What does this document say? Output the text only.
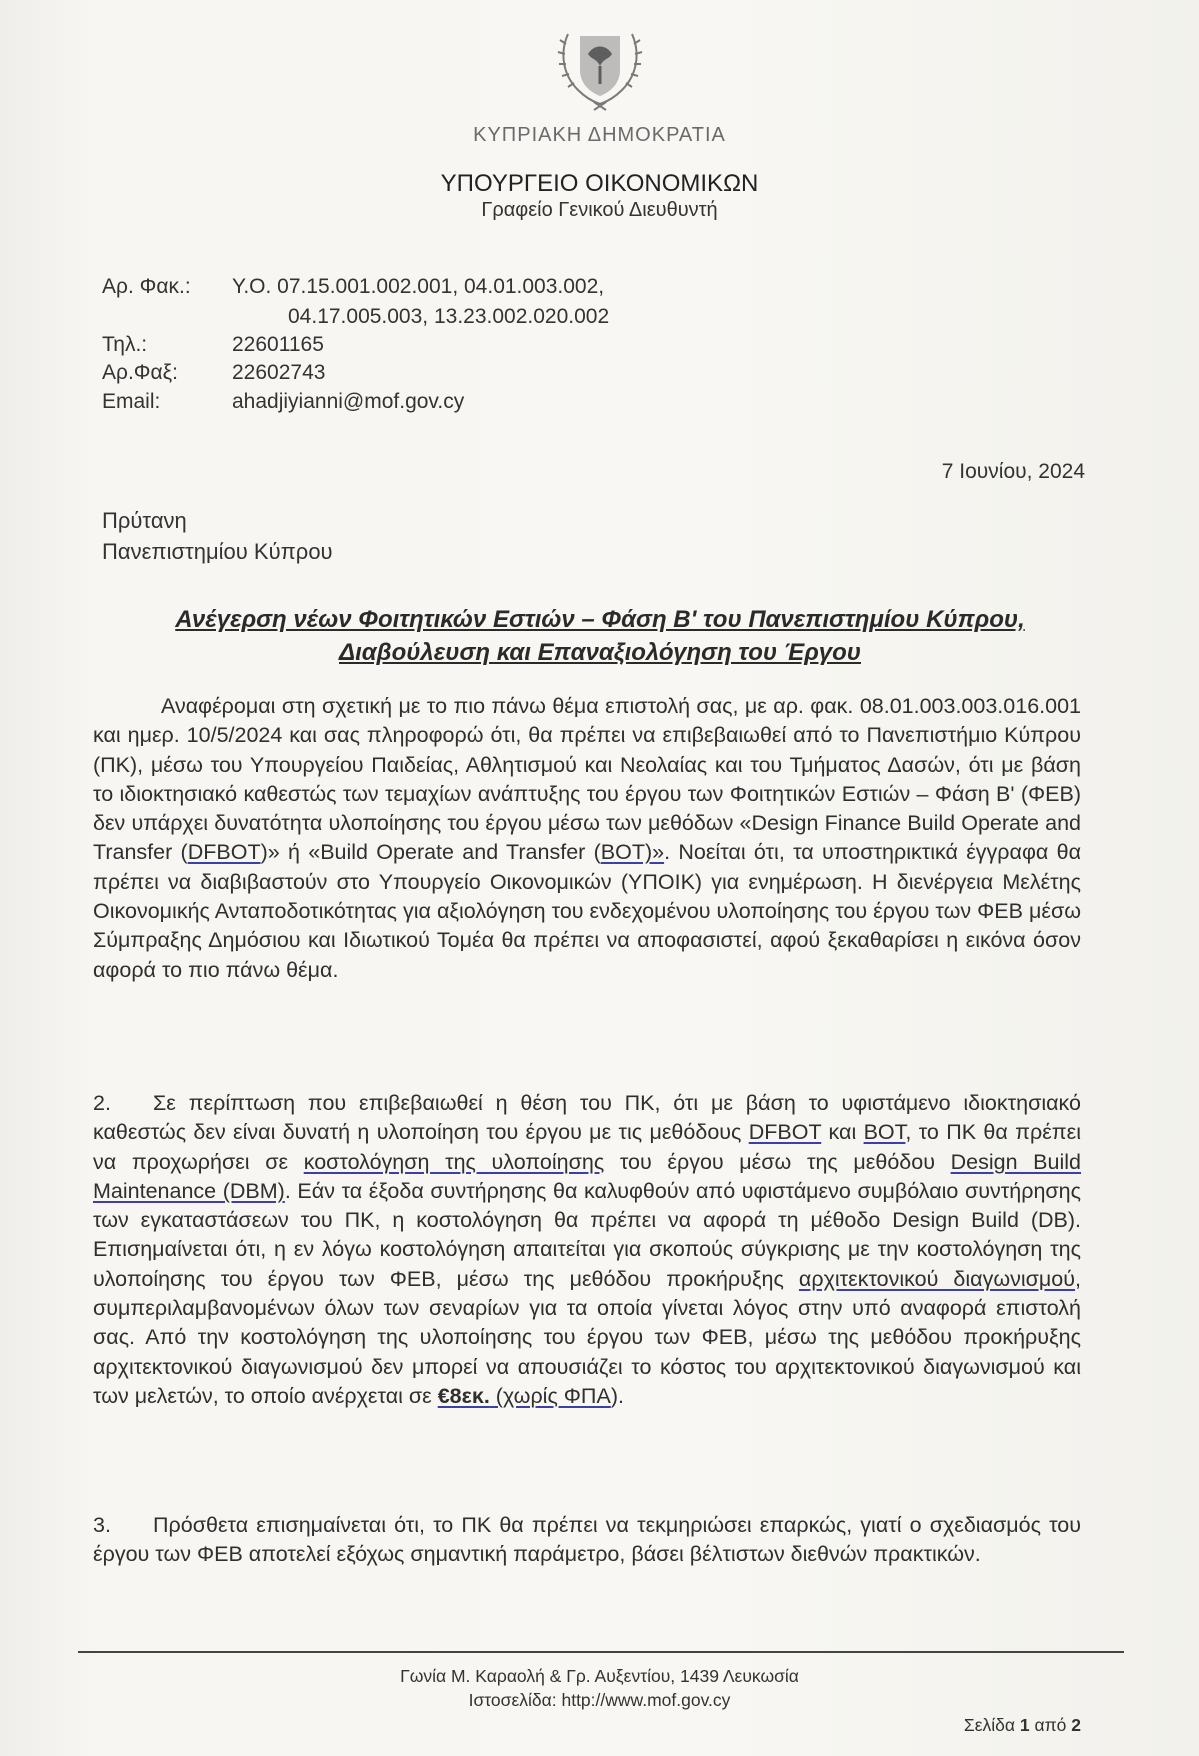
ΚΥΠΡΙΑΚΗ ΔΗΜΟΚΡΑΤΙΑ
ΥΠΟΥΡΓΕΙΟ ΟΙΚΟΝΟΜΙΚΩΝ
Γραφείο Γενικού Διευθυντή
Αρ. Φακ.: Υ.Ο. 07.15.001.002.001, 04.01.003.002,
04.17.005.003, 13.23.002.020.002
Τηλ.:	22601165
Αρ.Φαξ:	22602743
Email:	ahadjiyianni@mof.gov.cy
7 Ιουνίου, 2024
Πρύτανη
Πανεπιστημίου Κύπρου
Ανέγερση νέων Φοιτητικών Εστιών – Φάση Β' του Πανεπιστημίου Κύπρου,
Διαβούλευση και Επαναξιολόγηση του Έργου
Αναφέρομαι στη σχετική με το πιο πάνω θέμα επιστολή σας, με αρ. φακ. 08.01.003.003.016.001 και ημερ. 10/5/2024 και σας πληροφορώ ότι, θα πρέπει να επιβεβαιωθεί από το Πανεπιστήμιο Κύπρου (ΠΚ), μέσω του Υπουργείου Παιδείας, Αθλητισμού και Νεολαίας και του Τμήματος Δασών, ότι με βάση το ιδιοκτησιακό καθεστώς των τεμαχίων ανάπτυξης του έργου των Φοιτητικών Εστιών – Φάση Β' (ΦΕΒ) δεν υπάρχει δυνατότητα υλοποίησης του έργου μέσω των μεθόδων «Design Finance Build Operate and Transfer (DFBOT)» ή «Build Operate and Transfer (BOT)». Νοείται ότι, τα υποστηρικτικά έγγραφα θα πρέπει να διαβιβαστούν στο Υπουργείο Οικονομικών (ΥΠΟΙΚ) για ενημέρωση. Η διενέργεια Μελέτης Οικονομικής Ανταποδοτικότητας για αξιολόγηση του ενδεχομένου υλοποίησης του έργου των ΦΕΒ μέσω Σύμπραξης Δημόσιου και Ιδιωτικού Τομέα θα πρέπει να αποφασιστεί, αφού ξεκαθαρίσει η εικόνα όσον αφορά το πιο πάνω θέμα.
2. Σε περίπτωση που επιβεβαιωθεί η θέση του ΠΚ, ότι με βάση το υφιστάμενο ιδιοκτησιακό καθεστώς δεν είναι δυνατή η υλοποίηση του έργου με τις μεθόδους DFBOT και BOT, το ΠΚ θα πρέπει να προχωρήσει σε κοστολόγηση της υλοποίησης του έργου μέσω της μεθόδου Design Build Maintenance (DBM). Εάν τα έξοδα συντήρησης θα καλυφθούν από υφιστάμενο συμβόλαιο συντήρησης των εγκαταστάσεων του ΠΚ, η κοστολόγηση θα πρέπει να αφορά τη μέθοδο Design Build (DB). Επισημαίνεται ότι, η εν λόγω κοστολόγηση απαιτείται για σκοπούς σύγκρισης με την κοστολόγηση της υλοποίησης του έργου των ΦΕΒ, μέσω της μεθόδου προκήρυξης αρχιτεκτονικού διαγωνισμού, συμπεριλαμβανομένων όλων των σεναρίων για τα οποία γίνεται λόγος στην υπό αναφορά επιστολή σας. Από την κοστολόγηση της υλοποίησης του έργου των ΦΕΒ, μέσω της μεθόδου προκήρυξης αρχιτεκτονικού διαγωνισμού δεν μπορεί να απουσιάζει το κόστος του αρχιτεκτονικού διαγωνισμού και των μελετών, το οποίο ανέρχεται σε €8εκ. (χωρίς ΦΠΑ).
3. Πρόσθετα επισημαίνεται ότι, το ΠΚ θα πρέπει να τεκμηριώσει επαρκώς, γιατί ο σχεδιασμός του έργου των ΦΕΒ αποτελεί εξόχως σημαντική παράμετρο, βάσει βέλτιστων διεθνών πρακτικών.
Γωνία Μ. Καραολή & Γρ. Αυξεντίου, 1439 Λευκωσία
Ιστοσελίδα: http://www.mof.gov.cy
Σελίδα 1 από 2
